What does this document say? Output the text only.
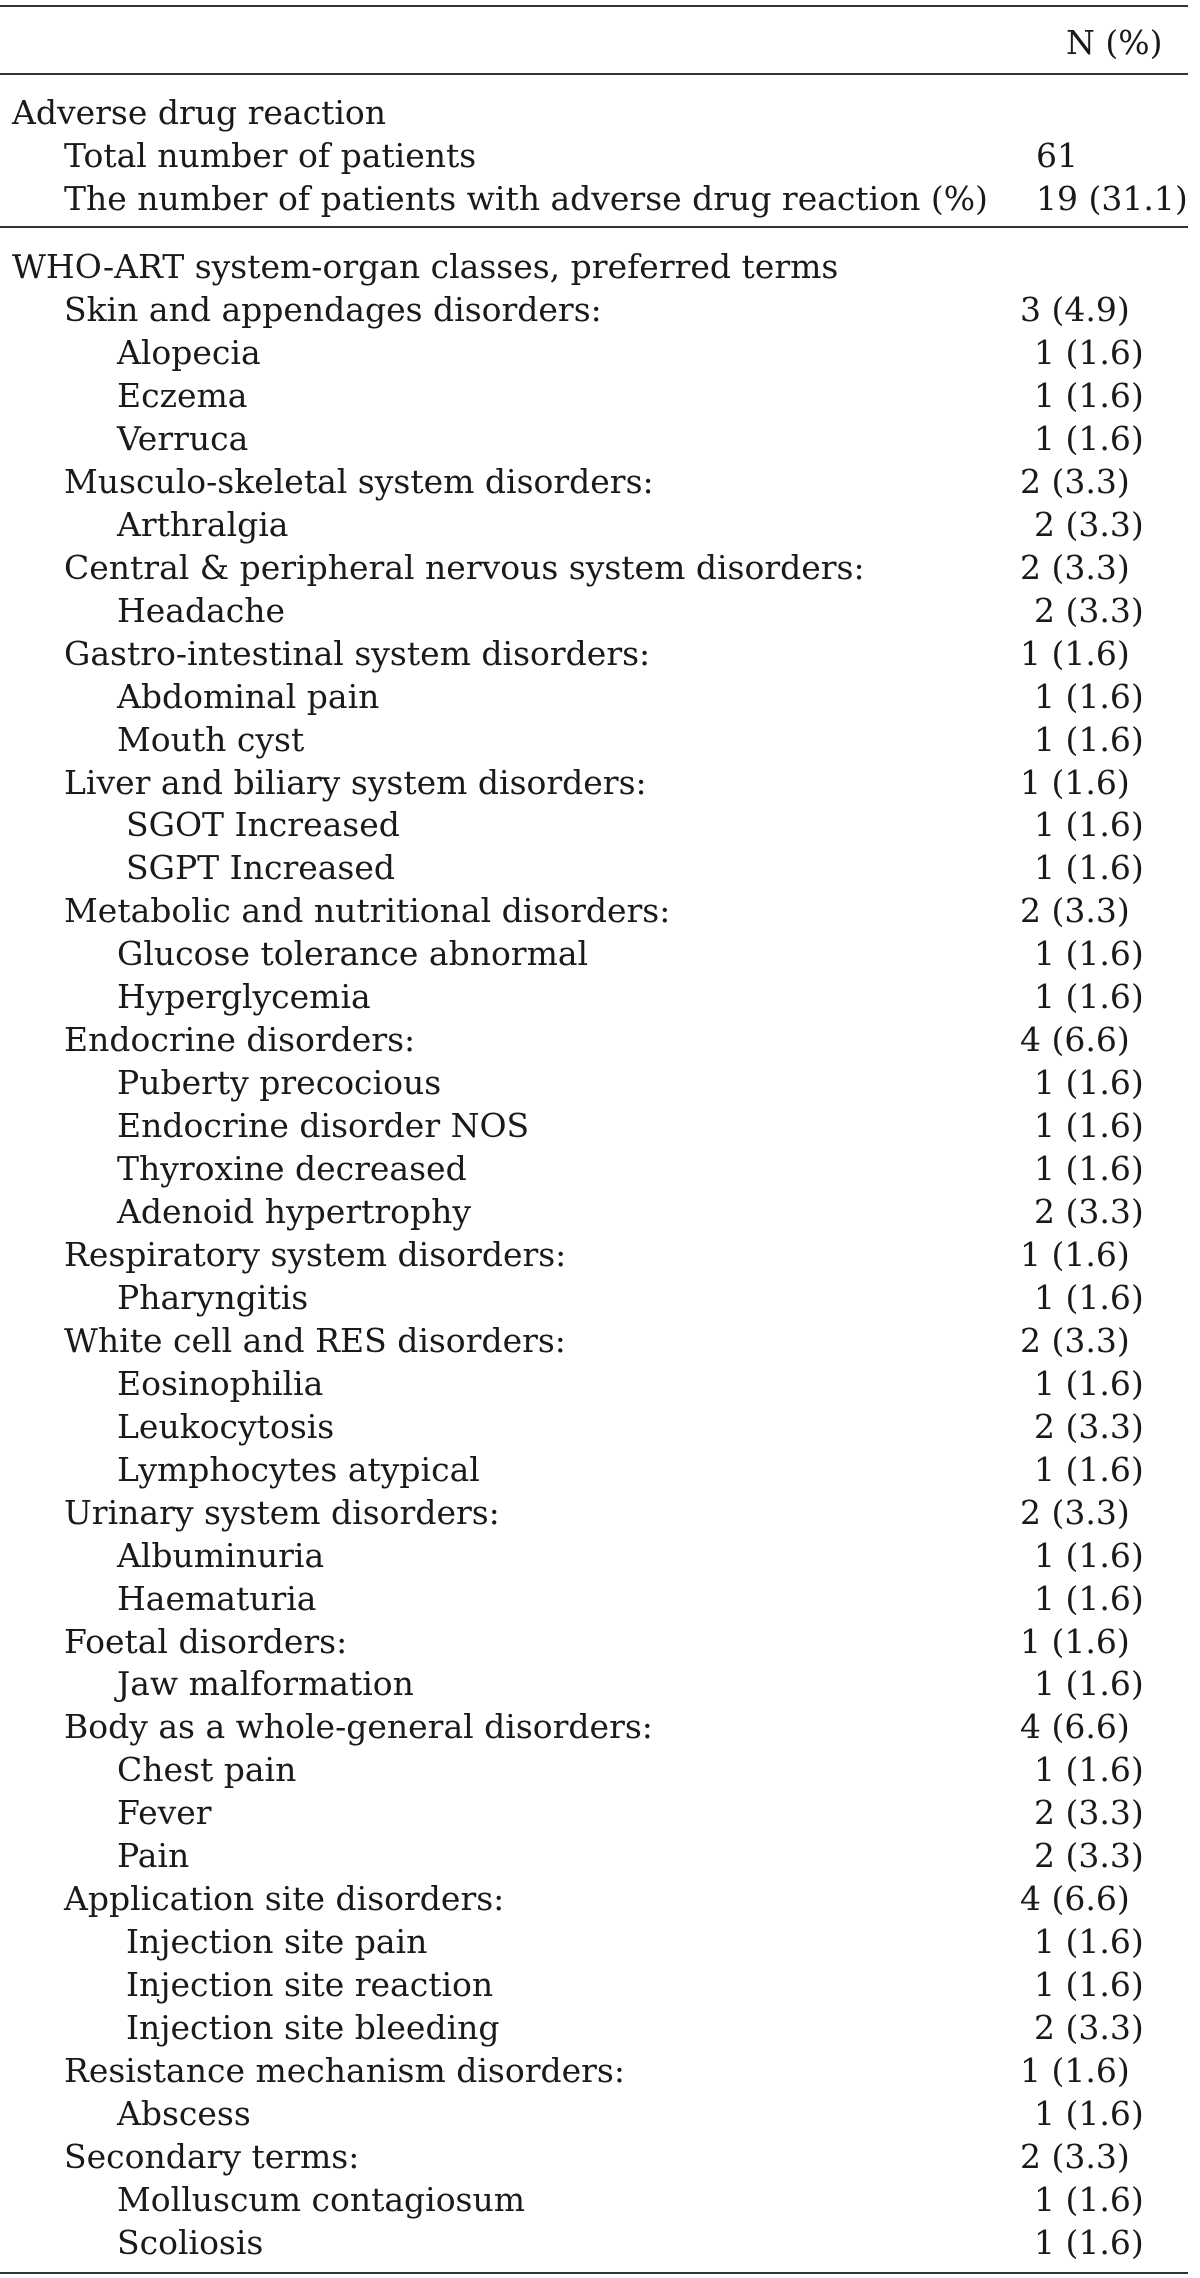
N (%)
Adverse drug reaction
Total number of patients	61
The number of patients with adverse drug reaction (%) 19 (31.1)
WHO-ART system-organ classes, preferred terms
Skin and appendages disorders:	3 (4.9)
Alopecia	1 (1.6)
Eczema	1 (1.6)
Verruca	1 (1.6)
Musculo-skeletal system disorders:	2 (3.3)
Arthralgia	2 (3.3)
Central & peripheral nervous system disorders:	2 (3.3)
Headache	2 (3.3)
Gastro-intestinal system disorders:	1 (1.6)
Abdominal pain	1 (1.6)
Mouth cyst	1 (1.6)
Liver and biliary system disorders:	1 (1.6)
SGOT Increased	1 (1.6)
SGPT Increased	1 (1.6)
Metabolic and nutritional disorders:	2 (3.3)
Glucose tolerance abnormal	1 (1.6)
Hyperglycemia	1 (1.6)
Endocrine disorders:	4 (6.6)
Puberty precocious	1 (1.6)
Endocrine disorder NOS	1 (1.6)
Thyroxine decreased	1 (1.6)
Adenoid hypertrophy	2 (3.3)
Respiratory system disorders:	1 (1.6)
Pharyngitis	1 (1.6)
White cell and RES disorders:	2 (3.3)
Eosinophilia	1 (1.6)
Leukocytosis	2 (3.3)
Lymphocytes atypical	1 (1.6)
Urinary system disorders:	2 (3.3)
Albuminuria	1 (1.6)
Haematuria	1 (1.6)
Foetal disorders:	1 (1.6)
Jaw malformation	1 (1.6)
Body as a whole-general disorders:	4 (6.6)
Chest pain	1 (1.6)
Fever	2 (3.3)
Pain	2 (3.3)
Application site disorders:	4 (6.6)
Injection site pain	1 (1.6)
Injection site reaction	1 (1.6)
Injection site bleeding	2 (3.3)
Resistance mechanism disorders:	1 (1.6)
Abscess	1 (1.6)
Secondary terms:	2 (3.3)
Molluscum contagiosum	1 (1.6)
Scoliosis	1 (1.6)
